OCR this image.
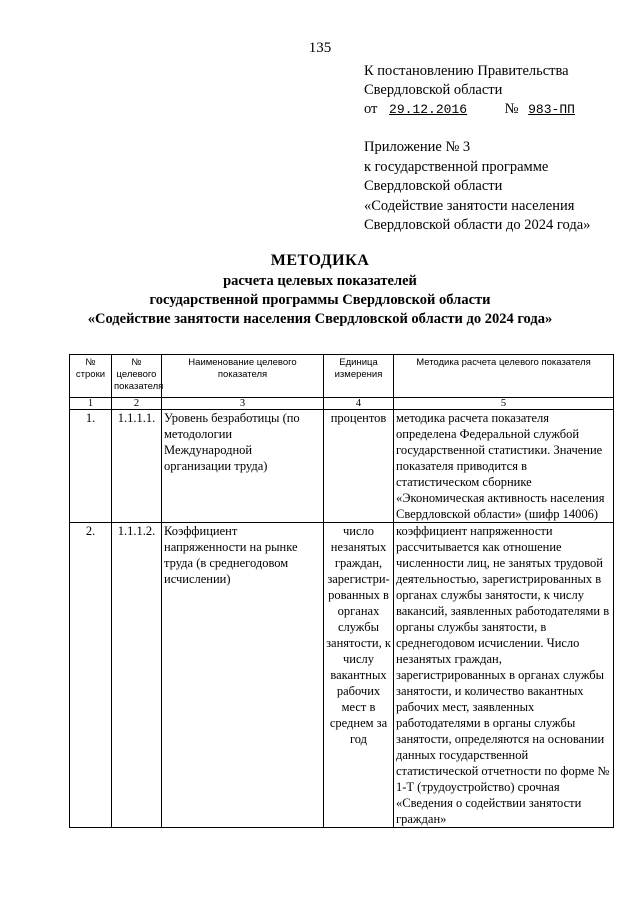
135
К постановлению Правительства
Свердловской области
от 29.12.2016	№ 983-ПП
Приложение № 3
к государственной программе
Свердловской области
«Содействие занятости населения
Свердловской области до 2024 года»
МЕТОДИКА
расчета целевых показателей
государственной программы Свердловской области
«Содействие занятости населения Свердловской области до 2024 года»
№ строки	№ целевого показателя	Наименование целевого показателя	Единица измерения	Методика расчета целевого показателя
1	2	3	4	5
1.	1.1.1.1.	Уровень безработицы (по методологии Международной организации труда)	процентов	методика расчета показателя определена Федеральной службой государственной статистики. Значение показателя приводится в статистическом сборнике «Экономическая активность населения Свердловской области» (шифр 14006)
2.	1.1.1.2.	Коэффициент напряженности на рынке труда (в среднегодовом исчислении)	число незанятых граждан, зарегистри-рованных в органах службы занятости, к числу вакантных рабочих мест в среднем за год	коэффициент напряженности рассчитывается как отношение численности лиц, не занятых трудовой деятельностью, зарегистрированных в органах службы занятости, к числу вакансий, заявленных работодателями в органы службы занятости, в среднегодовом исчислении. Число незанятых граждан, зарегистрированных в органах службы занятости, и количество вакантных рабочих мест, заявленных работодателями в органы службы занятости, определяются на основании данных государственной статистической отчетности по форме № 1-Т (трудоустройство) срочная «Сведения о содействии занятости граждан»
